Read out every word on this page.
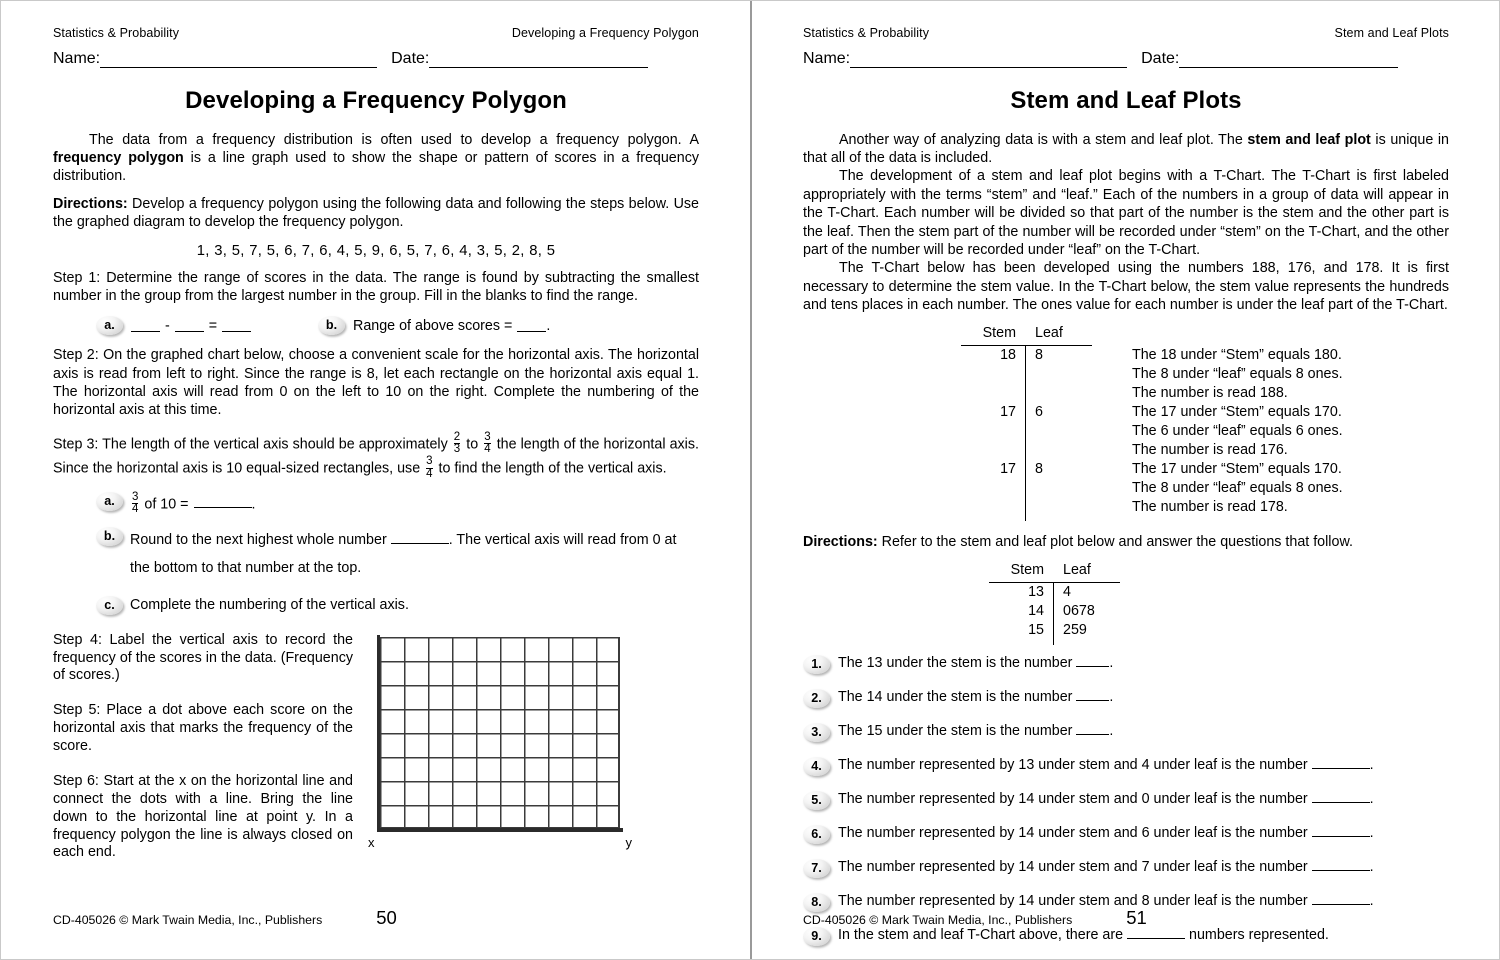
Statistics & Probability	Developing a Frequency Polygon
Name:	Date:
Developing a Frequency Polygon

The data from a frequency distribution is often used to develop a frequency polygon. A frequency polygon is a line graph used to show the shape or pattern of scores in a frequency distribution.

Directions: Develop a frequency polygon using the following data and following the steps below. Use the graphed diagram to develop the frequency polygon.

1, 3, 5, 7, 5, 6, 7, 6, 4, 5, 9, 6, 5, 7, 6, 4, 3, 5, 2, 8, 5

Step 1: Determine the range of scores in the data. The range is found by subtracting the smallest number in the group from the largest number in the group. Fill in the blanks to find the range.

a.	-	=	b.	Range of above scores = .

Step 2: On the graphed chart below, choose a convenient scale for the horizontal axis. The horizontal axis is read from left to right. Since the range is 8, let each rectangle on the horizontal axis equal 1. The horizontal axis will read from 0 on the left to 10 on the right. Complete the numbering of the horizontal axis at this time.

Step 3: The length of the vertical axis should be approximately $\frac{2}{3}$ to $\frac{3}{4}$ the length of the horizontal axis. Since the horizontal axis is 10 equal-sized rectangles, use $\frac{3}{4}$ to find the length of the vertical axis.

a.	$\frac{3}{4}$ of 10 =	.
b.	Round to the next highest whole number	. The vertical axis will read from 0 at the bottom to that number at the top.
c.	Complete the numbering of the vertical axis.

Step 4: Label the vertical axis to record the frequency of the scores in the data. (Frequency of scores.)

Step 5: Place a dot above each score on the horizontal axis that marks the frequency of the score.

Step 6: Start at the x on the horizontal line and connect the dots with a line. Bring the line down to the horizontal line at point y. In a frequency polygon the line is always closed on each end.

x	y
CD-405026 © Mark Twain Media, Inc., Publishers	50
Statistics & Probability	Stem and Leaf Plots
Name:	Date:
Stem and Leaf Plots

Another way of analyzing data is with a stem and leaf plot. The stem and leaf plot is unique in that all of the data is included.

The development of a stem and leaf plot begins with a T-Chart. The T-Chart is first labeled appropriately with the terms “stem” and “leaf.” Each of the numbers in a group of data will appear in the T-Chart. Each number will be divided so that part of the number is the stem and the other part is the leaf. Then the stem part of the number will be recorded under “stem” on the T-Chart, and the other part of the number will be recorded under “leaf” on the T-Chart.

The T-Chart below has been developed using the numbers 188, 176, and 178. It is first necessary to determine the stem value. In the T-Chart below, the stem value represents the hundreds and tens places in each number. The ones value for each number is under the leaf part of the T-Chart.

Stem	Leaf
18	8
17	6
17	8
The 18 under “Stem” equals 180.
The 8 under “leaf” equals 8 ones.
The number is read 188.
The 17 under “Stem” equals 170.
The 6 under “leaf” equals 6 ones.
The number is read 176.
The 17 under “Stem” equals 170.
The 8 under “leaf” equals 8 ones.
The number is read 178.

Directions: Refer to the stem and leaf plot below and answer the questions that follow.

Stem	Leaf
13	4
14	0678
15	259
1.	The 13 under the stem is the number .
2.	The 14 under the stem is the number .
3.	The 15 under the stem is the number .
4.	The number represented by 13 under stem and 4 under leaf is the number	.
5.	The number represented by 14 under stem and 0 under leaf is the number	.
6.	The number represented by 14 under stem and 6 under leaf is the number	.
7.	The number represented by 14 under stem and 7 under leaf is the number	.
8.	The number represented by 14 under stem and 8 under leaf is the number	.
9.	In the stem and leaf T-Chart above, there are	numbers represented.
CD-405026 © Mark Twain Media, Inc., Publishers	51
